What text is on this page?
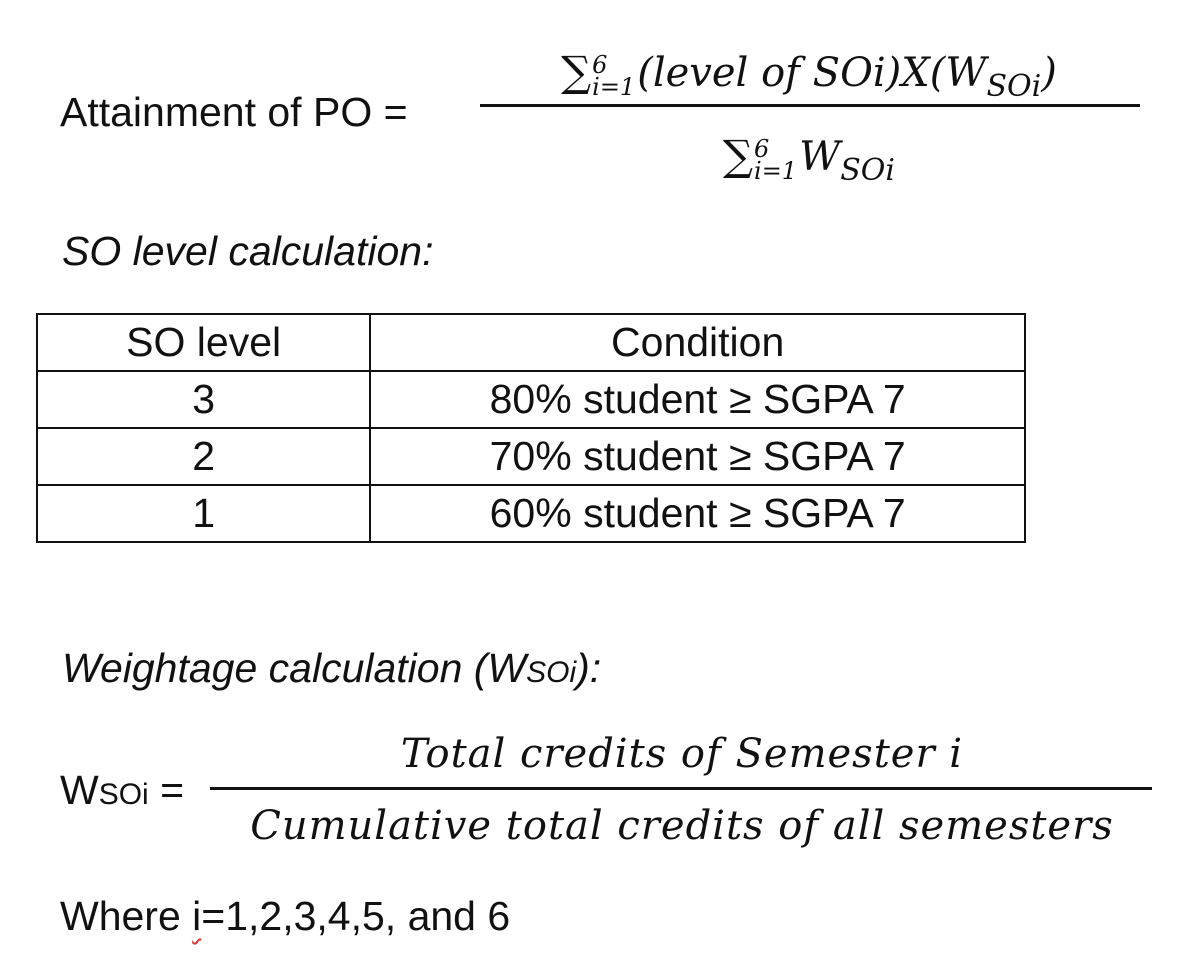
Attainment of PO =
∑ 6
i=1 (level of $SOi)X(W_{SOi})$
∑ 6
i=1 $W_{SOi}$
SO level calculation:
SO level	Condition
3	80% student ≥ SGPA 7
2	70% student ≥ SGPA 7
1	60% student ≥ SGPA 7
Weightage calculation (WSOi):
WSOi =
Total credits of Semester i
Cumulative total credits of all semesters
Where i=1,2,3,4,5, and 6
